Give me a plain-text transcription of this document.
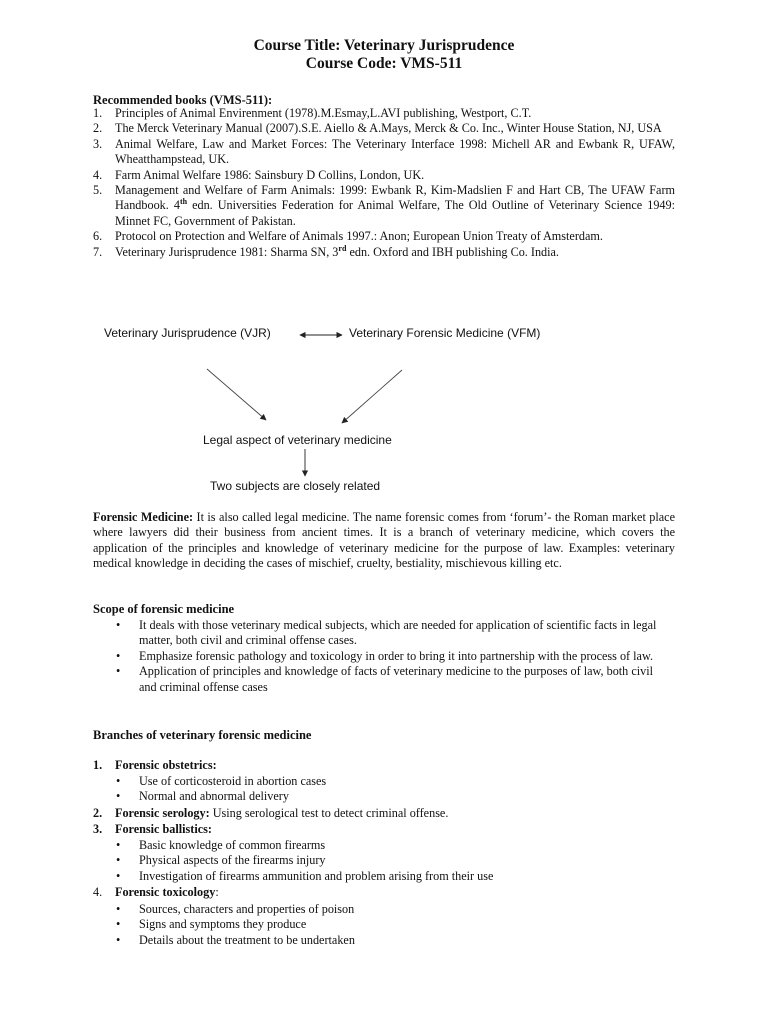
Course Title: Veterinary Jurisprudence
Course Code: VMS-511
Recommended books (VMS-511):
1. Principles of Animal Envirenment (1978).M.Esmay,L.AVI publishing, Westport, C.T.
2. The Merck Veterinary Manual (2007).S.E. Aiello & A.Mays, Merck & Co. Inc., Winter House Station, NJ, USA
3. Animal Welfare, Law and Market Forces: The Veterinary Interface 1998: Michell AR and Ewbank R, UFAW, Wheatthampstead, UK.
4. Farm Animal Welfare 1986: Sainsbury D Collins, London, UK.
5. Management and Welfare of Farm Animals: 1999: Ewbank R, Kim-Madslien F and Hart CB, The UFAW Farm Handbook. 4th edn. Universities Federation for Animal Welfare, The Old Outline of Veterinary Science 1949: Minnet FC, Government of Pakistan.
6. Protocol on Protection and Welfare of Animals 1997.: Anon; European Union Treaty of Amsterdam.
7. Veterinary Jurisprudence 1981: Sharma SN, 3rd edn. Oxford and IBH publishing Co. India.
Veterinary Jurisprudence (VJR)	Veterinary Forensic Medicine (VFM)
Legal aspect of veterinary medicine
Two subjects are closely related
Forensic Medicine: It is also called legal medicine. The name forensic comes from ‘forum’- the Roman market place where lawyers did their business from ancient times. It is a branch of veterinary medicine, which covers the application of the principles and knowledge of veterinary medicine for the purpose of law. Examples: veterinary medical knowledge in deciding the cases of mischief, cruelty, bestiality, mischievous killing etc.
Scope of forensic medicine
• It deals with those veterinary medical subjects, which are needed for application of scientific facts in legal matter, both civil and criminal offense cases.
• Emphasize forensic pathology and toxicology in order to bring it into partnership with the process of law.
• Application of principles and knowledge of facts of veterinary medicine to the purposes of law, both civil and criminal offense cases
Branches of veterinary forensic medicine
1. Forensic obstetrics:
• Use of corticosteroid in abortion cases
• Normal and abnormal delivery
2. Forensic serology: Using serological test to detect criminal offense.
3. Forensic ballistics:
• Basic knowledge of common firearms
• Physical aspects of the firearms injury
• Investigation of firearms ammunition and problem arising from their use
4. Forensic toxicology:
• Sources, characters and properties of poison
• Signs and symptoms they produce
• Details about the treatment to be undertaken
